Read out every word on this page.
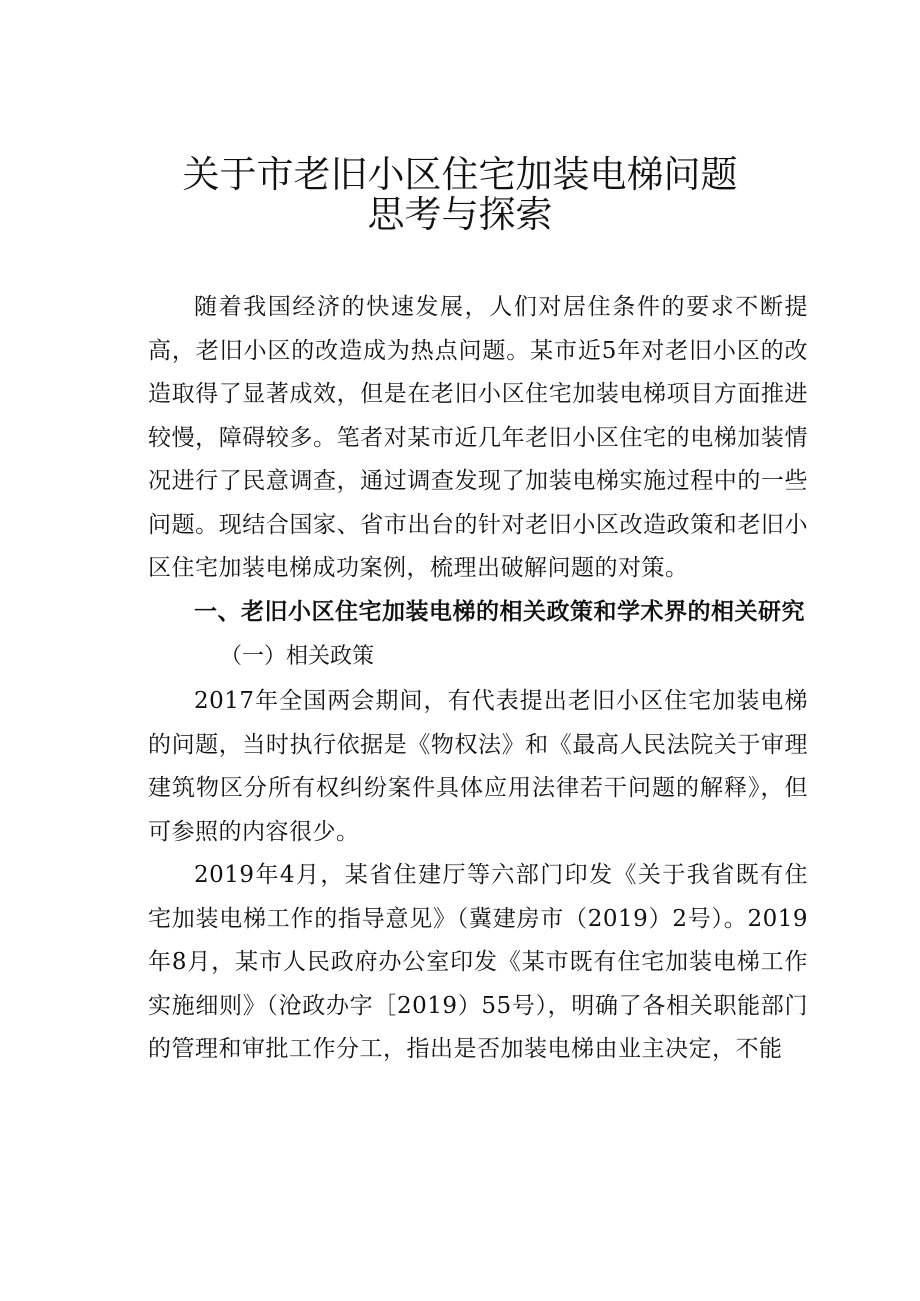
关于市老旧小区住宅加装电梯问题
思考与探索

随着我国经济的快速发展，人们对居住条件的要求不断提高，老旧小区的改造成为热点问题。某市近5年对老旧小区的改造取得了显著成效，但是在老旧小区住宅加装电梯项目方面推进较慢，障碍较多。笔者对某市近几年老旧小区住宅的电梯加装情况进行了民意调查，通过调查发现了加装电梯实施过程中的一些问题。现结合国家、省市出台的针对老旧小区改造政策和老旧小区住宅加装电梯成功案例，梳理出破解问题的对策。

一、老旧小区住宅加装电梯的相关政策和学术界的相关研究

（一）相关政策

2017年全国两会期间，有代表提出老旧小区住宅加装电梯的问题，当时执行依据是《物权法》和《最高人民法院关于审理建筑物区分所有权纠纷案件具体应用法律若干问题的解释》，但可参照的内容很少。

2019年4月，某省住建厅等六部门印发《关于我省既有住宅加装电梯工作的指导意见》（冀建房市（2019）2号）。2019年8月，某市人民政府办公室印发《某市既有住宅加装电梯工作实施细则》（沧政办字［2019）55号），明确了各相关职能部门的管理和审批工作分工，指出是否加装电梯由业主决定，不能
